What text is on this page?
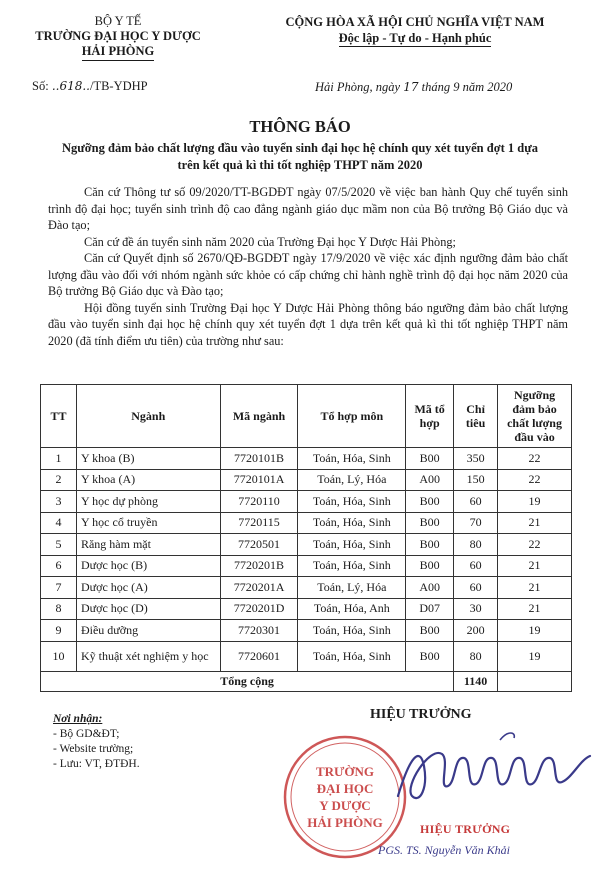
BỘ Y TẾ
TRƯỜNG ĐẠI HỌC Y DƯỢC
HẢI PHÒNG
CỘNG HÒA XÃ HỘI CHỦ NGHĨA VIỆT NAM
Độc lập - Tự do - Hạnh phúc
Số: ..618../TB-YDHP	Hải Phòng, ngày 17 tháng 9 năm 2020
THÔNG BÁO
Ngưỡng đảm bảo chất lượng đầu vào tuyển sinh đại học hệ chính quy xét tuyển đợt 1 dựa trên kết quả kì thi tốt nghiệp THPT năm 2020

Căn cứ Thông tư số 09/2020/TT-BGDĐT ngày 07/5/2020 về việc ban hành Quy chế tuyển sinh trình độ đại học; tuyển sinh trình độ cao đẳng ngành giáo dục mầm non của Bộ trưởng Bộ Giáo dục và Đào tạo;

Căn cứ đề án tuyển sinh năm 2020 của Trường Đại học Y Dược Hải Phòng;

Căn cứ Quyết định số 2670/QĐ-BGDĐT ngày 17/9/2020 về việc xác định ngưỡng đảm bảo chất lượng đầu vào đối với nhóm ngành sức khỏe có cấp chứng chỉ hành nghề trình độ đại học năm 2020 của Bộ trưởng Bộ Giáo dục và Đào tạo;

Hội đồng tuyển sinh Trường Đại học Y Dược Hải Phòng thông báo ngưỡng đảm bảo chất lượng đầu vào tuyển sinh đại học hệ chính quy xét tuyển đợt 1 dựa trên kết quả kì thi tốt nghiệp THPT năm 2020 (đã tính điểm ưu tiên) của trường như sau:

TT	Ngành	Mã ngành	Tổ hợp môn	Mã tổ hợp	Chỉ tiêu	Ngưỡng đảm bảo chất lượng đầu vào
1	Y khoa (B)	7720101B	Toán, Hóa, Sinh	B00	350	22
2	Y khoa (A)	7720101A	Toán, Lý, Hóa	A00	150	22
3	Y học dự phòng	7720110	Toán, Hóa, Sinh	B00	60	19
4	Y học cổ truyền	7720115	Toán, Hóa, Sinh	B00	70	21
5	Răng hàm mặt	7720501	Toán, Hóa, Sinh	B00	80	22
6	Dược học (B)	7720201B	Toán, Hóa, Sinh	B00	60	21
7	Dược học (A)	7720201A	Toán, Lý, Hóa	A00	60	21
8	Dược học (D)	7720201D	Toán, Hóa, Anh	D07	30	21
9	Điều dưỡng	7720301	Toán, Hóa, Sinh	B00	200	19
10	Kỹ thuật xét nghiệm y học	7720601	Toán, Hóa, Sinh	B00	80	19
Tổng cộng					1140	
Nơi nhận:
- Bộ GD&ĐT;
- Website trường;
- Lưu: VT, ĐTĐH.
HIỆU TRƯỞNG
TRƯỜNG
ĐẠI HỌC
Y DƯỢC
HẢI PHÒNG	HIỆU TRƯỞNG
PGS. TS. Nguyễn Văn Khải
